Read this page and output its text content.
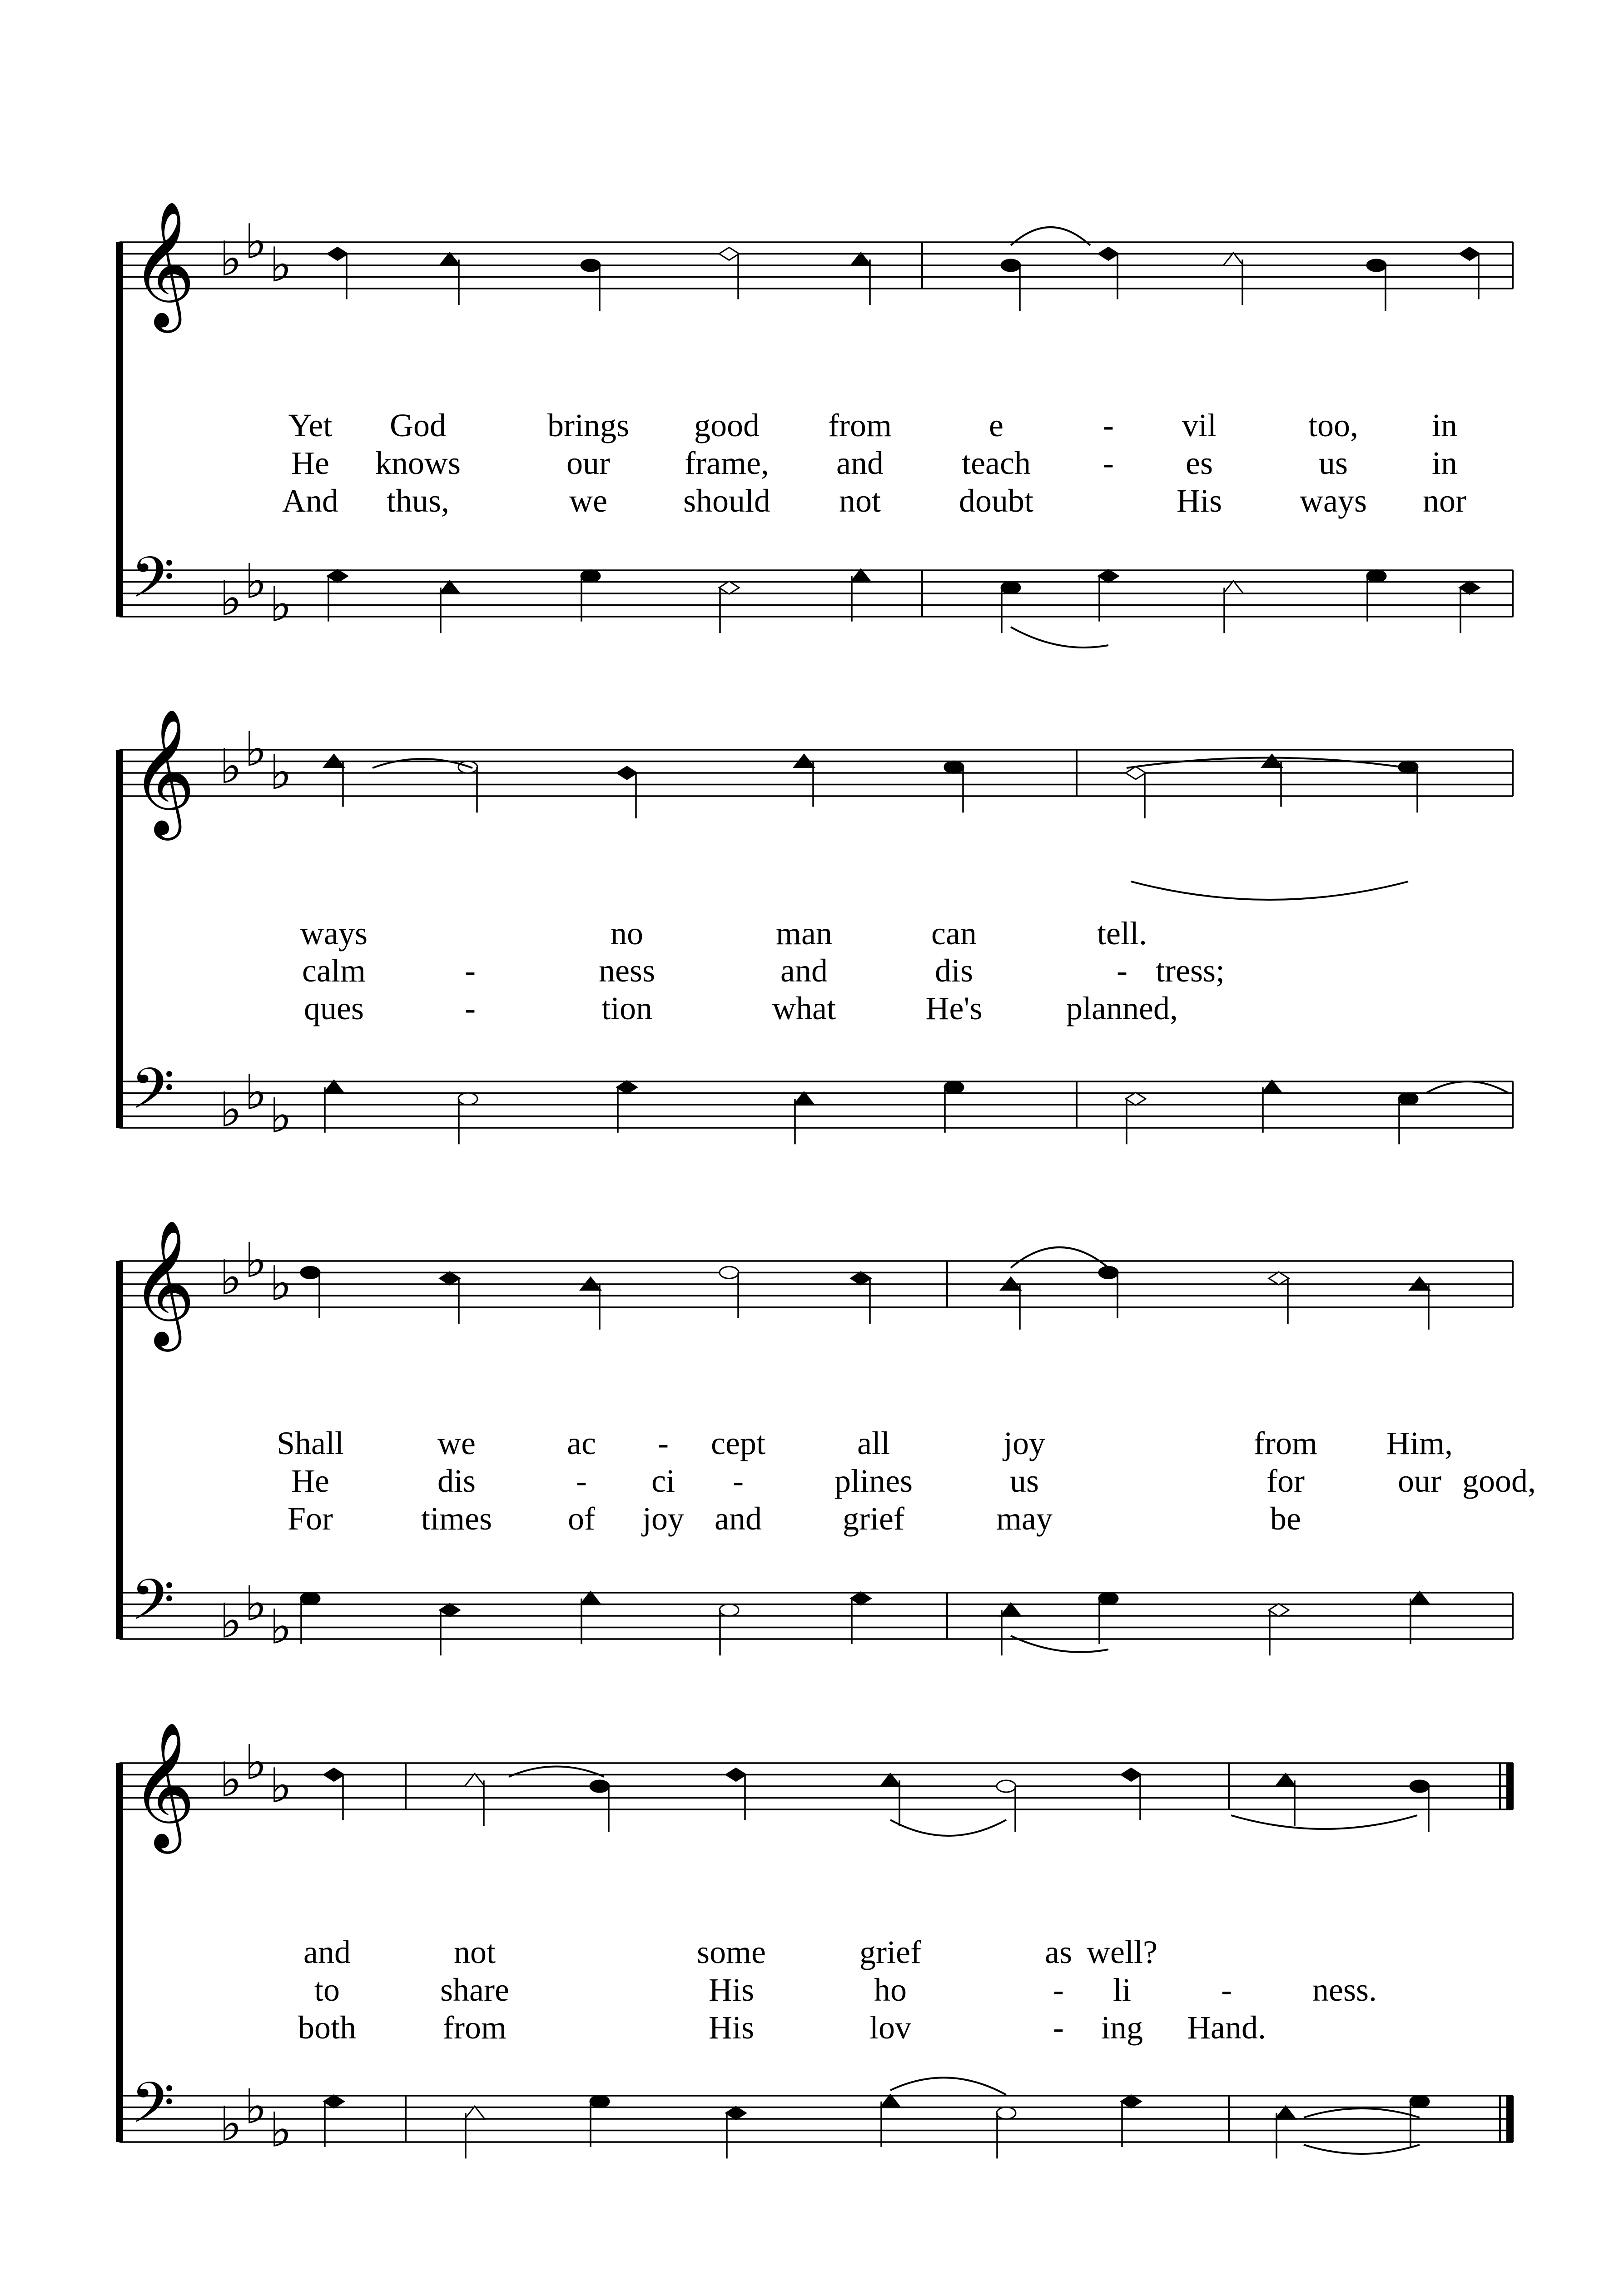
𝄞 ♭ ♭ ♭
𝄢 ♭ ♭ ♭
𝄞 ♭ ♭ ♭
𝄢 ♭ ♭ ♭
𝄞 ♭ ♭ ♭
𝄢 ♭ ♭ ♭
𝄞 ♭ ♭ ♭
𝄢 ♭ ♭ ♭
Yet God	brings good from	e	- vil	too, in
He knows	our frame, and teach - es	us	in
And thus,	we should not doubt	His ways nor
ways	no	man	can	tell.
calm	-	ness	and	dis	- tress;
ques	-	tion	what	He's	planned,
Shall	we	ac - cept	all	joy	from Him,
He	dis	- ci -	plines	us	for	our good,
For	times of joy and grief	may	be
and	not	some	grief	as well?
to	share	His	ho	- li	- ness.
both	from	His	lov	- ing Hand.
